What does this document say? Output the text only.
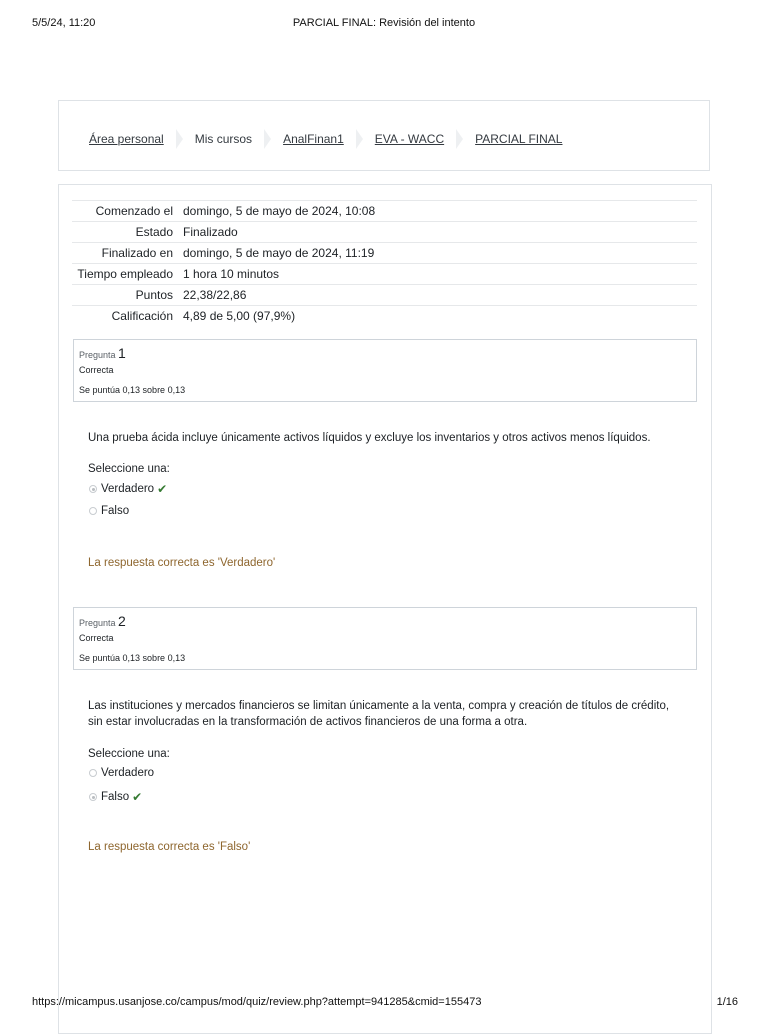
5/5/24, 11:20	PARCIAL FINAL: Revisión del intento
Área personal	Mis cursos	AnalFinan1	EVA - WACC	PARCIAL FINAL
Comenzado el	domingo, 5 de mayo de 2024, 10:08
Estado	Finalizado
Finalizado en	domingo, 5 de mayo de 2024, 11:19
Tiempo empleado	1 hora 10 minutos
Puntos	22,38/22,86
Calificación	4,89 de 5,00 (97,9%)
Pregunta 1
Correcta
Se puntúa 0,13 sobre 0,13
Una prueba ácida incluye únicamente activos líquidos y excluye los inventarios y otros activos menos líquidos.
Seleccione una:
Verdadero ✔
Falso
La respuesta correcta es 'Verdadero'
Pregunta 2
Correcta
Se puntúa 0,13 sobre 0,13
Las instituciones y mercados financieros se limitan únicamente a la venta, compra y creación de títulos de crédito, sin estar involucradas en la transformación de activos financieros de una forma a otra.
Seleccione una:
Verdadero
Falso ✔
La respuesta correcta es 'Falso'
https://micampus.usanjose.co/campus/mod/quiz/review.php?attempt=941285&cmid=155473	1/16
